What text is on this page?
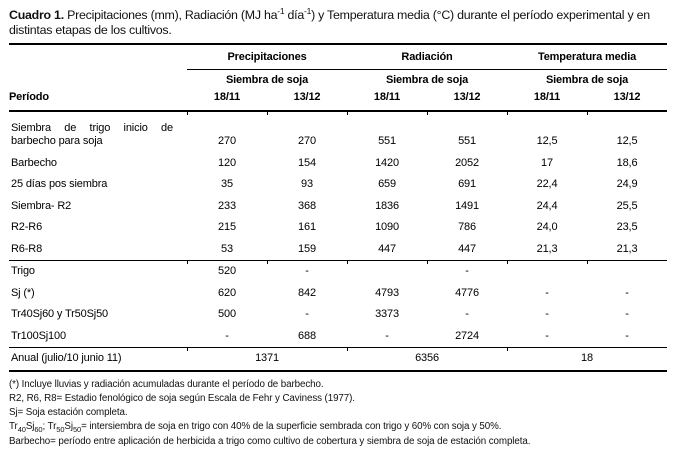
Cuadro 1. Precipitaciones (mm), Radiación (MJ $ha^{-1}$ día$^{-1}$) y Temperatura media (°C) durante el período experimental y en distintas etapas de los cultivos.

	Precipitaciones		Radiación		Temperatura media	
	Siembra de soja		Siembra de soja		Siembra de soja	
Período	18/11	13/12	18/11	13/12	18/11	13/12
Siembra de trigo inicio de barbecho para soja	270	270	551	551	12,5	12,5
Barbecho	120	154	1420	2052	17	18,6
25 días pos siembra	35	93	659	691	22,4	24,9
Siembra- R2	233	368	1836	1491	24,4	25,5
R2-R6	215	161	1090	786	24,0	23,5
R6-R8	53	159	447	447	21,3	21,3
Trigo	520	-		-		
Sj (*)	620	842	4793	4776	-	-
Tr40Sj60 y Tr50Sj50	500	-	3373	-	-	-
Tr100Sj100	-	688	-	2724	-	-
Anual (julio/10 junio 11)	1371		6356		18	

(*) Incluye lluvias y radiación acumuladas durante el período de barbecho.

R2, R6, R8= Estadio fenológico de soja según Escala de Fehr y Caviness (1977).

Sj= Soja estación completa.

$Tr_{40}Sj_{60}$; $Tr_{50}Sj_{50}=$ intersiembra de soja en trigo con 40% de la superficie sembrada con trigo y 60% con soja y 50%.

Barbecho= período entre aplicación de herbicida a trigo como cultivo de cobertura y siembra de soja de estación completa.
